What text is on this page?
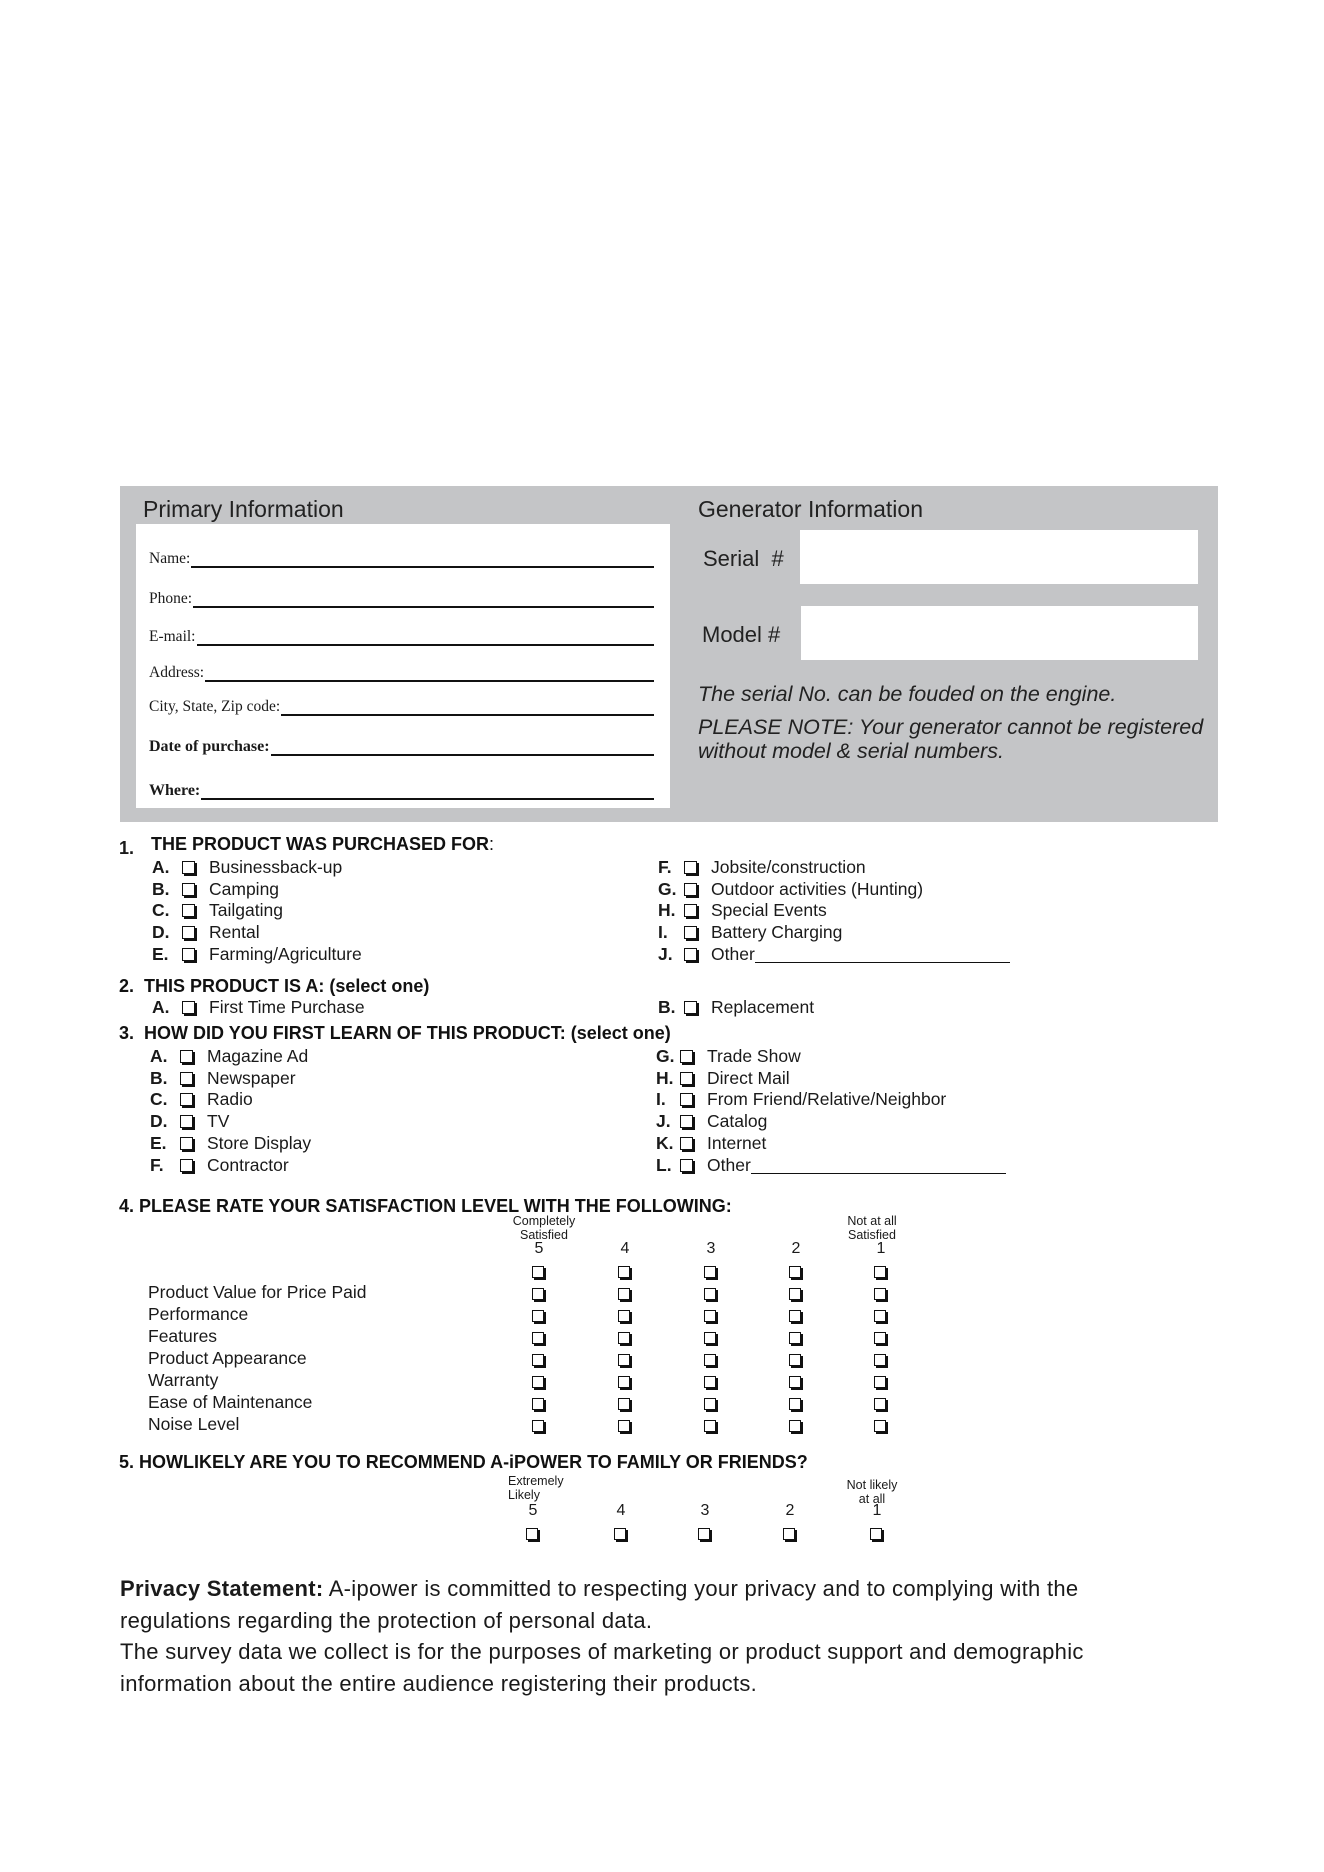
Primary Information
Name:
Phone:
E-mail:
Address:
City, State, Zip code:
Date of purchase:
Where:
Generator Information
Serial  #
Model #
The serial No. can be fouded on the engine.
PLEASE NOTE: Your generator cannot be registered
without model & serial numbers.
1. THE PRODUCT WAS PURCHASED FOR:
A.	Businessback-up
B.	Camping
C.	Tailgating
D.	Rental
E.	Farming/Agriculture
F.	Jobsite/construction
G.	Outdoor activities (Hunting)
H.	Special Events
I.	Battery Charging
J.	Other
2. THIS PRODUCT IS A: (select one)
A.	First Time Purchase	B.	Replacement
3. HOW DID YOU FIRST LEARN OF THIS PRODUCT: (select one)
A.	Magazine Ad
B.	Newspaper
C.	Radio
D.	TV
E.	Store Display
F.	Contractor
G.	Trade Show
H.	Direct Mail
I.	From Friend/Relative/Neighbor
J.	Catalog
K.	Internet
L.	Other
4. PLEASE RATE YOUR SATISFACTION LEVEL WITH THE FOLLOWING:
Completely
Satisfied
Not at all
Satisfied
5	4	3	2	1
Product Value for Price Paid
Performance
Features
Product Appearance
Warranty
Ease of Maintenance
Noise Level
5. HOWLIKELY ARE YOU TO RECOMMEND A-iPOWER TO FAMILY OR FRIENDS?
Extremely
Likely
Not likely
at all
5	4	3	2	1
Privacy Statement: A-ipower is committed to respecting your privacy and to complying with the
regulations regarding the protection of personal data.
The survey data we collect is for the purposes of marketing or product support and demographic
information about the entire audience registering their products.
